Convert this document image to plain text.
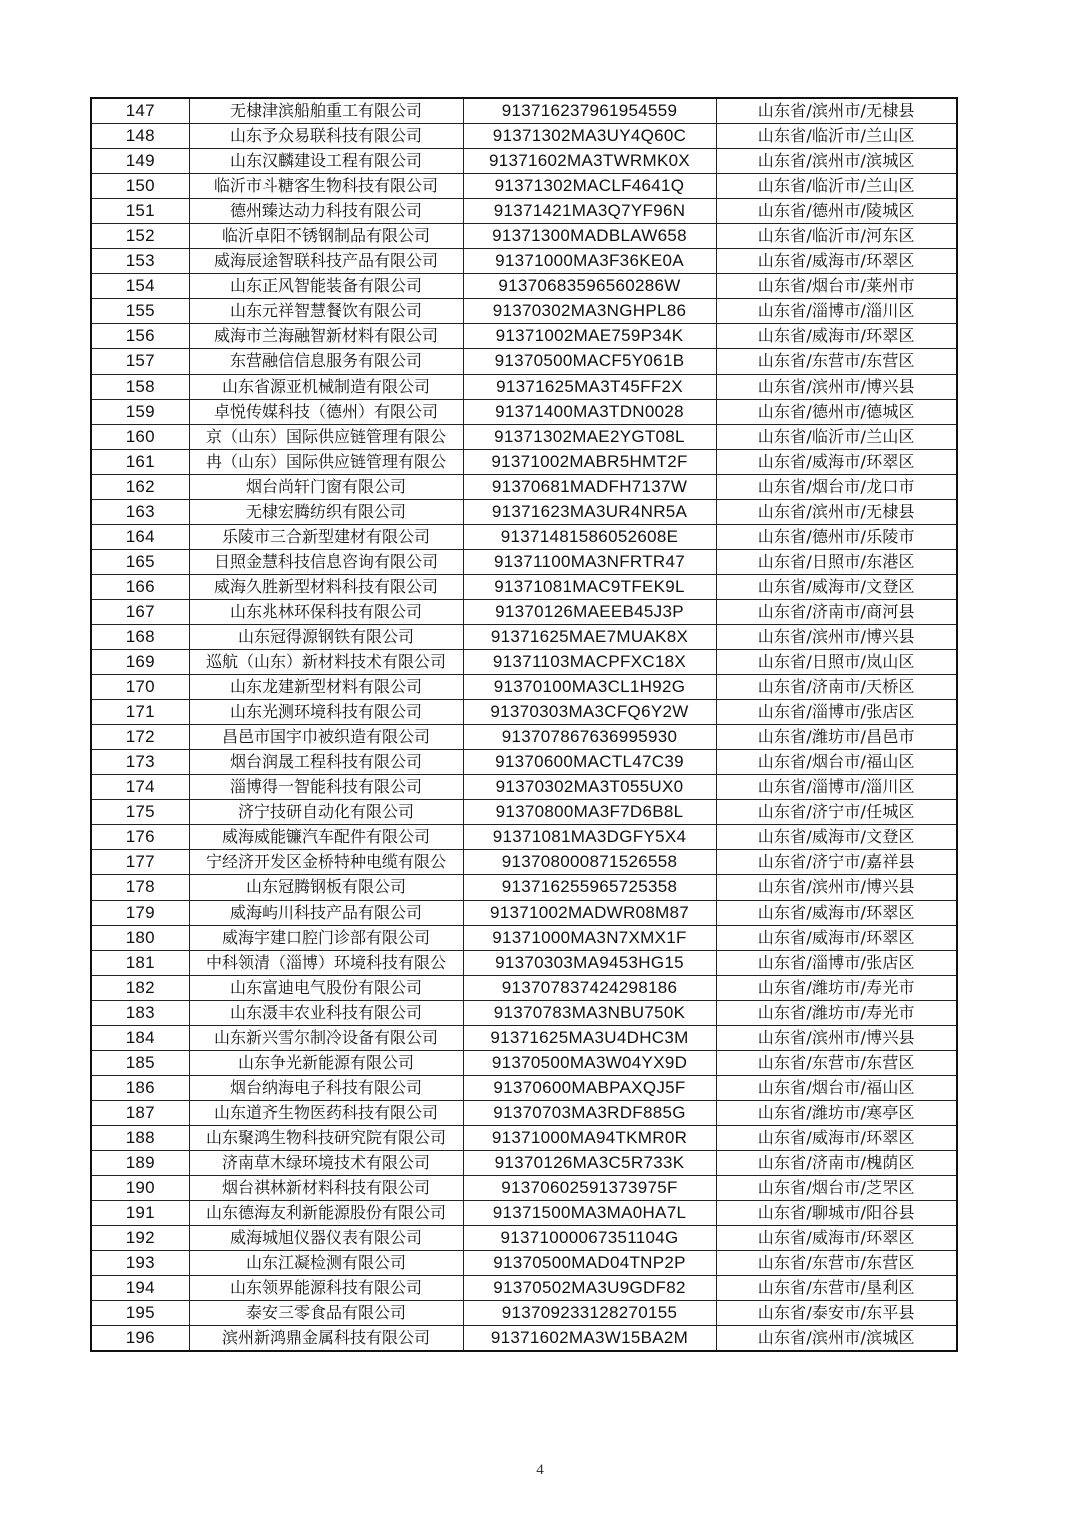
147	无棣津滨船舶重工有限公司	913716237961954559	山东省/滨州市/无棣县
148	山东予众易联科技有限公司	91371302MA3UY4Q60C	山东省/临沂市/兰山区
149	山东汉麟建设工程有限公司	91371602MA3TWRMK0X	山东省/滨州市/滨城区
150	临沂市斗糖客生物科技有限公司	91371302MACLF4641Q	山东省/临沂市/兰山区
151	德州臻达动力科技有限公司	91371421MA3Q7YF96N	山东省/德州市/陵城区
152	临沂卓阳不锈钢制品有限公司	91371300MADBLAW658	山东省/临沂市/河东区
153	威海辰途智联科技产品有限公司	91371000MA3F36KE0A	山东省/威海市/环翠区
154	山东正风智能装备有限公司	91370683596560286W	山东省/烟台市/莱州市
155	山东元祥智慧餐饮有限公司	91370302MA3NGHPL86	山东省/淄博市/淄川区
156	威海市兰海融智新材料有限公司	91371002MAE759P34K	山东省/威海市/环翠区
157	东营融信信息服务有限公司	91370500MACF5Y061B	山东省/东营市/东营区
158	山东省源亚机械制造有限公司	91371625MA3T45FF2X	山东省/滨州市/博兴县
159	卓悦传媒科技（德州）有限公司	91371400MA3TDN0028	山东省/德州市/德城区
160	京（山东）国际供应链管理有限公	91371302MAE2YGT08L	山东省/临沂市/兰山区
161	冉（山东）国际供应链管理有限公	91371002MABR5HMT2F	山东省/威海市/环翠区
162	烟台尚轩门窗有限公司	91370681MADFH7137W	山东省/烟台市/龙口市
163	无棣宏腾纺织有限公司	91371623MA3UR4NR5A	山东省/滨州市/无棣县
164	乐陵市三合新型建材有限公司	91371481586052608E	山东省/德州市/乐陵市
165	日照金慧科技信息咨询有限公司	91371100MA3NFRTR47	山东省/日照市/东港区
166	威海久胜新型材料科技有限公司	91371081MAC9TFEK9L	山东省/威海市/文登区
167	山东兆林环保科技有限公司	91370126MAEEB45J3P	山东省/济南市/商河县
168	山东冠得源钢铁有限公司	91371625MAE7MUAK8X	山东省/滨州市/博兴县
169	巡航（山东）新材料技术有限公司	91371103MACPFXC18X	山东省/日照市/岚山区
170	山东龙建新型材料有限公司	91370100MA3CL1H92G	山东省/济南市/天桥区
171	山东光测环境科技有限公司	91370303MA3CFQ6Y2W	山东省/淄博市/张店区
172	昌邑市国宇巾被织造有限公司	913707867636995930	山东省/潍坊市/昌邑市
173	烟台润晟工程科技有限公司	91370600MACTL47C39	山东省/烟台市/福山区
174	淄博得一智能科技有限公司	91370302MA3T055UX0	山东省/淄博市/淄川区
175	济宁技研自动化有限公司	91370800MA3F7D6B8L	山东省/济宁市/任城区
176	威海威能镰汽车配件有限公司	91371081MA3DGFY5X4	山东省/威海市/文登区
177	宁经济开发区金桥特种电缆有限公	913708000871526558	山东省/济宁市/嘉祥县
178	山东冠腾钢板有限公司	913716255965725358	山东省/滨州市/博兴县
179	威海屿川科技产品有限公司	91371002MADWR08M87	山东省/威海市/环翠区
180	威海宇建口腔门诊部有限公司	91371000MA3N7XMX1F	山东省/威海市/环翠区
181	中科领清（淄博）环境科技有限公	91370303MA9453HG15	山东省/淄博市/张店区
182	山东富迪电气股份有限公司	913707837424298186	山东省/潍坊市/寿光市
183	山东滠丰农业科技有限公司	91370783MA3NBU750K	山东省/潍坊市/寿光市
184	山东新兴雪尔制冷设备有限公司	91371625MA3U4DHC3M	山东省/滨州市/博兴县
185	山东争光新能源有限公司	91370500MA3W04YX9D	山东省/东营市/东营区
186	烟台纳海电子科技有限公司	91370600MABPAXQJ5F	山东省/烟台市/福山区
187	山东道齐生物医药科技有限公司	91370703MA3RDF885G	山东省/潍坊市/寒亭区
188	山东聚鸿生物科技研究院有限公司	91371000MA94TKMR0R	山东省/威海市/环翠区
189	济南草木绿环境技术有限公司	91370126MA3C5R733K	山东省/济南市/槐荫区
190	烟台祺林新材料科技有限公司	91370602591373975F	山东省/烟台市/芝罘区
191	山东德海友利新能源股份有限公司	91371500MA3MA0HA7L	山东省/聊城市/阳谷县
192	威海城旭仪器仪表有限公司	91371000067351104G	山东省/威海市/环翠区
193	山东江凝检测有限公司	91370500MAD04TNP2P	山东省/东营市/东营区
194	山东领界能源科技有限公司	91370502MA3U9GDF82	山东省/东营市/垦利区
195	泰安三零食品有限公司	913709233128270155	山东省/泰安市/东平县
196	滨州新鸿鼎金属科技有限公司	91371602MA3W15BA2M	山东省/滨州市/滨城区
4
